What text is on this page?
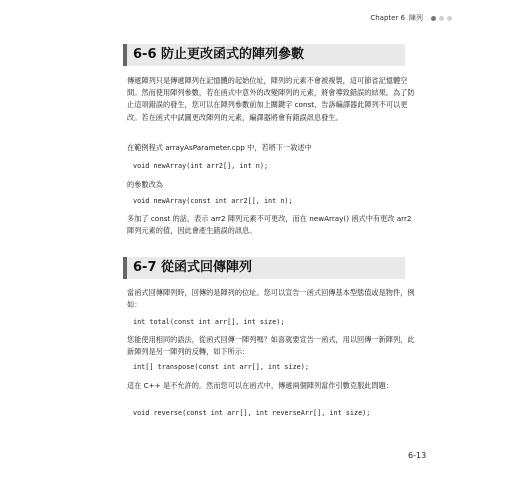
Chapter 6 陣列
6-6 防止更改函式的陣列參數

傳遞陣列只是傳遞陣列在記憶體的起始位址，陣列的元素不會被複製，這可節省記憶體空間。然而使用陣列參數，若在函式中意外的改變陣列的元素，將會導致錯誤的結果。為了防止這項錯誤的發生，您可以在陣列參數前加上關鍵字 const，告訴編譯器此陣列不可以更改。若在函式中試圖更改陣列的元素，編譯器將會有錯誤訊息發生。

在範例程式 arrayAsParameter.cpp 中，若將下一敘述中

void newArray(int arr2[], int n);

的參數改為

void newArray(const int arr2[], int n);

多加了 const 的話，表示 arr2 陣列元素不可更改，而在 newArray() 函式中有更改 arr2 陣列元素的值，因此會產生錯誤的訊息。

6-7 從函式回傳陣列

當函式回傳陣列時，回傳的是陣列的位址。您可以宣告一函式回傳基本型態值或是物件，例如：

int total(const int arr[], int size);

您能使用相同的語法，從函式回傳一陣列嗎？如喜就要宣告一函式，用以回傳一新陣列，此新陣列是另一陣列的反轉，如下所示：

int[] transpose(const int arr[], int size);

這在 C++ 是不允許的。然而您可以在函式中，傳遞兩個陣列當作引數克服此問題：

void reverse(const int arr[], int reverseArr[], int size);
6-13
